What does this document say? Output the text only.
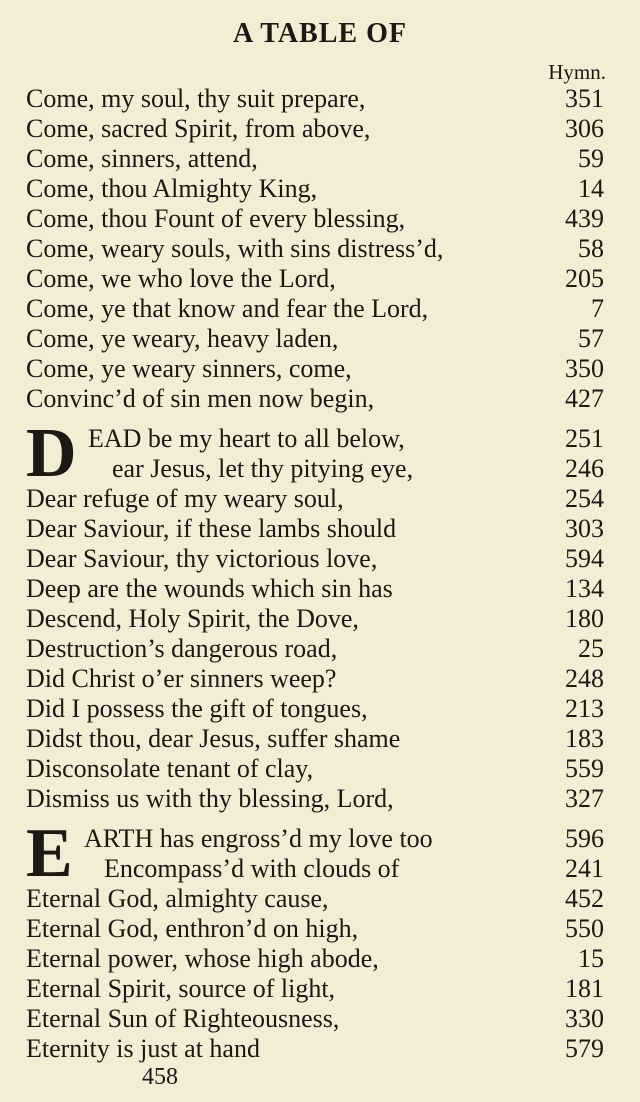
A TABLE OF
Hymn.
Come, my soul, thy suit prepare,	351
Come, sacred Spirit, from above,	306
Come, sinners, attend,	59
Come, thou Almighty King,	14
Come, thou Fount of every blessing,	439
Come, weary souls, with sins distress’d,	58
Come, we who love the Lord,	205
Come, ye that know and fear the Lord,	7
Come, ye weary, heavy laden,	57
Come, ye weary sinners, come,	350
Convinc’d of sin men now begin,	427
D EAD be my heart to all below,	251
ear Jesus, let thy pitying eye,	246
Dear refuge of my weary soul,	254
Dear Saviour, if these lambs should	303
Dear Saviour, thy victorious love,	594
Deep are the wounds which sin has	134
Descend, Holy Spirit, the Dove,	180
Destruction’s dangerous road,	25
Did Christ o’er sinners weep?	248
Did I possess the gift of tongues,	213
Didst thou, dear Jesus, suffer shame	183
Disconsolate tenant of clay,	559
Dismiss us with thy blessing, Lord,	327
E ARTH has engross’d my love too	596
Encompass’d with clouds of	241
Eternal God, almighty cause,	452
Eternal God, enthron’d on high,	550
Eternal power, whose high abode,	15
Eternal Spirit, source of light,	181
Eternal Sun of Righteousness,	330
Eternity is just at hand	579
458
